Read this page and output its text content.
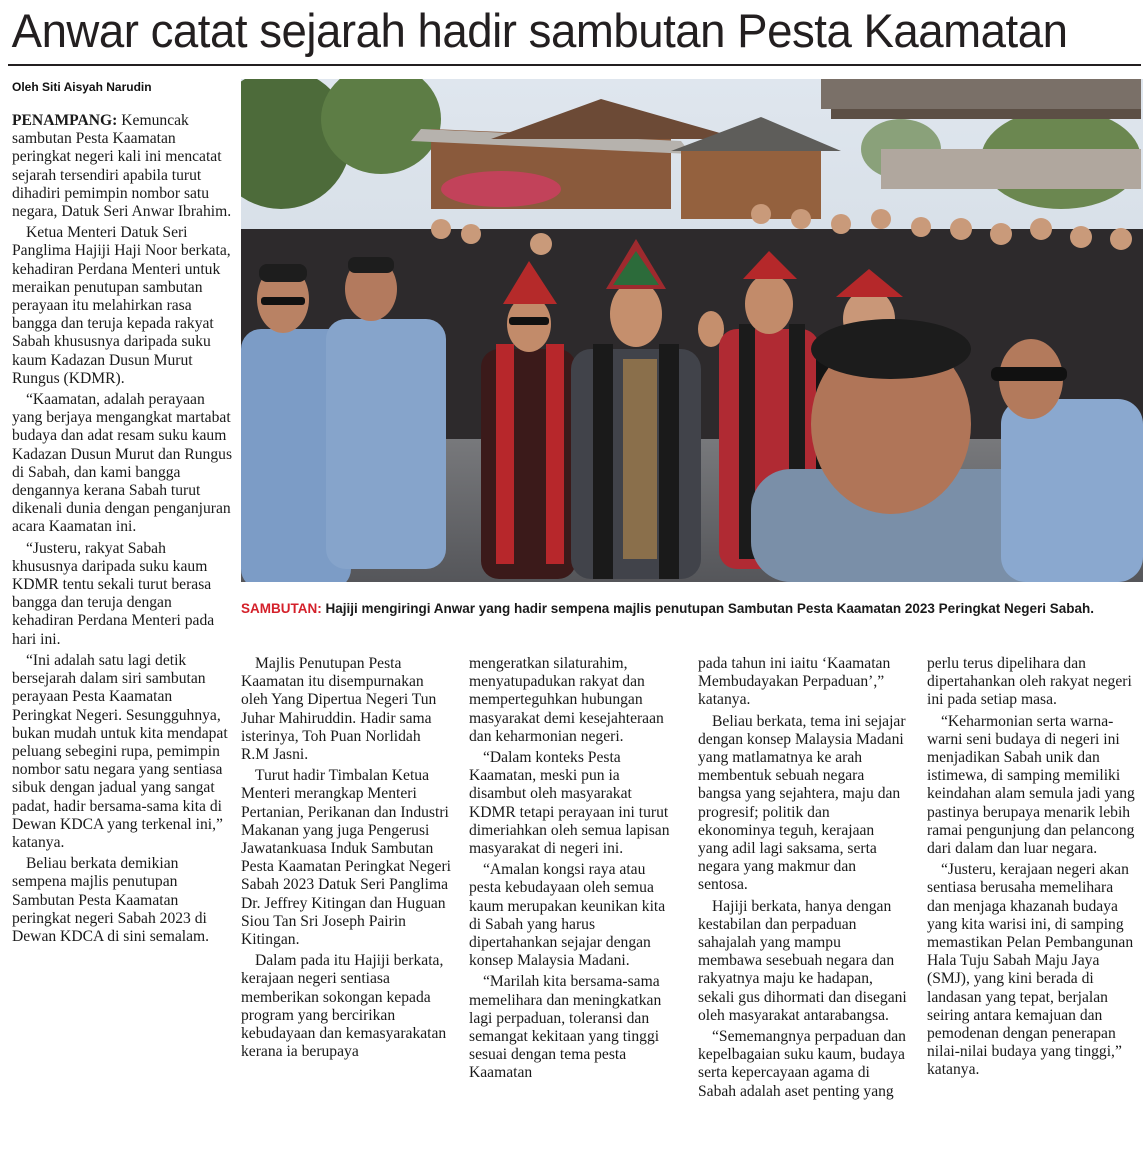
Anwar catat sejarah hadir sambutan Pesta Kaamatan
Oleh Siti Aisyah Narudin

PENAMPANG: Kemuncak sambutan Pesta Kaamatan peringkat negeri kali ini mencatat sejarah tersendiri apabila turut dihadiri pemimpin nombor satu negara, Datuk Seri Anwar Ibrahim.

Ketua Menteri Datuk Seri Panglima Hajiji Haji Noor berkata, kehadiran Perdana Menteri untuk meraikan penutupan sambutan perayaan itu melahirkan rasa bangga dan teruja kepada rakyat Sabah khususnya daripada suku kaum Kadazan Dusun Murut Rungus (KDMR).

“Kaamatan, adalah perayaan yang berjaya mengangkat martabat budaya dan adat resam suku kaum Kadazan Dusun Murut dan Rungus di Sabah, dan kami bangga dengannya kerana Sabah turut dikenali dunia dengan penganjuran acara Kaamatan ini.

“Justeru, rakyat Sabah khususnya daripada suku kaum KDMR tentu sekali turut berasa bangga dan teruja dengan kehadiran Perdana Menteri pada hari ini.

“Ini adalah satu lagi detik bersejarah dalam siri sambutan perayaan Pesta Kaamatan Peringkat Negeri. Sesungguhnya, bukan mudah untuk kita mendapat peluang sebegini rupa, pemimpin nombor satu negara yang sentiasa sibuk dengan jadual yang sangat padat, hadir bersama-sama kita di Dewan KDCA yang terkenal ini,” katanya.

Beliau berkata demikian sempena majlis penutupan Sambutan Pesta Kaamatan peringkat negeri Sabah 2023 di Dewan KDCA di sini semalam.

SAMBUTAN: Hajiji mengiringi Anwar yang hadir sempena majlis penutupan Sambutan Pesta Kaamatan 2023 Peringkat Negeri Sabah.

Majlis Penutupan Pesta Kaamatan itu disempurnakan oleh Yang Dipertua Negeri Tun Juhar Mahiruddin. Hadir sama isterinya, Toh Puan Norlidah R.M Jasni.

Turut hadir Timbalan Ketua Menteri merangkap Menteri Pertanian, Perikanan dan Industri Makanan yang juga Pengerusi Jawatankuasa Induk Sambutan Pesta Kaamatan Peringkat Negeri Sabah 2023 Datuk Seri Panglima Dr. Jeffrey Kitingan dan Huguan Siou Tan Sri Joseph Pairin Kitingan.

Dalam pada itu Hajiji berkata, kerajaan negeri sentiasa memberikan sokongan kepada program yang bercirikan kebudayaan dan kemasyarakatan kerana ia berupaya

mengeratkan silaturahim, menyatupadukan rakyat dan memperteguhkan hubungan masyarakat demi kesejahteraan dan keharmonian negeri.

“Dalam konteks Pesta Kaamatan, meski pun ia disambut oleh masyarakat KDMR tetapi perayaan ini turut dimeriahkan oleh semua lapisan masyarakat di negeri ini.

“Amalan kongsi raya atau pesta kebudayaan oleh semua kaum merupakan keunikan kita di Sabah yang harus dipertahankan sejajar dengan konsep Malaysia Madani.

“Marilah kita bersama-sama memelihara dan meningkatkan lagi perpaduan, toleransi dan semangat kekitaan yang tinggi sesuai dengan tema pesta Kaamatan

pada tahun ini iaitu ‘Kaamatan Membudayakan Perpaduan’,” katanya.

Beliau berkata, tema ini sejajar dengan konsep Malaysia Madani yang matlamatnya ke arah membentuk sebuah negara bangsa yang sejahtera, maju dan progresif; politik dan ekonominya teguh, kerajaan yang adil lagi saksama, serta negara yang makmur dan sentosa.

Hajiji berkata, hanya dengan kestabilan dan perpaduan sahajalah yang mampu membawa sesebuah negara dan rakyatnya maju ke hadapan, sekali gus dihormati dan disegani oleh masyarakat antarabangsa.

“Sememangnya perpaduan dan kepelbagaian suku kaum, budaya serta kepercayaan agama di Sabah adalah aset penting yang

perlu terus dipelihara dan dipertahankan oleh rakyat negeri ini pada setiap masa.

“Keharmonian serta warna-warni seni budaya di negeri ini menjadikan Sabah unik dan istimewa, di samping memiliki keindahan alam semula jadi yang pastinya berupaya menarik lebih ramai pengunjung dan pelancong dari dalam dan luar negara.

“Justeru, kerajaan negeri akan sentiasa berusaha memelihara dan menjaga khazanah budaya yang kita warisi ini, di samping memastikan Pelan Pembangunan Hala Tuju Sabah Maju Jaya (SMJ), yang kini berada di landasan yang tepat, berjalan seiring antara kemajuan dan pemodenan dengan penerapan nilai-nilai budaya yang tinggi,” katanya.
